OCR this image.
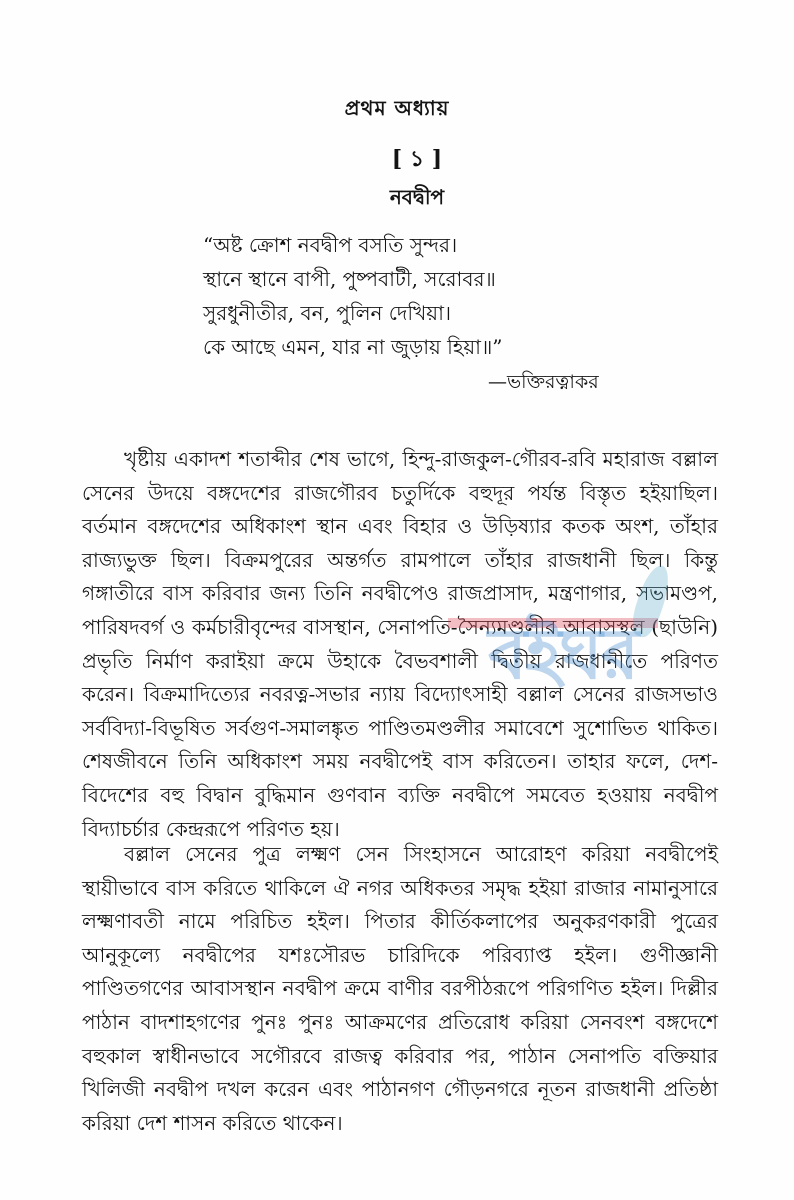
প্রথম অধ্যায়
[ ১ ]
নবদ্বীপ
“অষ্ট ক্রোশ নবদ্বীপ বসতি সুন্দর।
স্থানে স্থানে বাপী, পুষ্পবাটী, সরোবর॥
সুরধুনীতীর, বন, পুলিন দেখিয়া।
কে আছে এমন, যার না জুড়ায় হিয়া॥”
—ভক্তিরত্নাকর

খৃষ্টীয় একাদশ শতাব্দীর শেষ ভাগে, হিন্দু-রাজকুল-গৌরব-রবি মহারাজ বল্লাল সেনের উদয়ে বঙ্গদেশের রাজগৌরব চতুর্দিকে বহুদূর পর্যন্ত বিস্তৃত হইয়াছিল। বর্তমান বঙ্গদেশের অধিকাংশ স্থান এবং বিহার ও উড়িষ্যার কতক অংশ, তাঁহার রাজ্যভুক্ত ছিল। বিক্রমপুরের অন্তর্গত রামপালে তাঁহার রাজধানী ছিল। কিন্তু গঙ্গাতীরে বাস করিবার জন্য তিনি নবদ্বীপেও রাজপ্রাসাদ, মন্ত্রণাগার, সভামণ্ডপ, পারিষদবর্গ ও কর্মচারীবৃন্দের বাসস্থান, সেনাপতি-সৈন্যমণ্ডলীর আবাসস্থল (ছাউনি) প্রভৃতি নির্মাণ করাইয়া ক্রমে উহাকে বৈভবশালী দ্বিতীয় রাজধানীতে পরিণত করেন। বিক্রমাদিত্যের নবরত্ন-সভার ন্যায় বিদ্যোৎসাহী বল্লাল সেনের রাজসভাও সর্ববিদ্যা-বিভূষিত সর্বগুণ-সমালঙ্কৃত পাণ্ডিতমণ্ডলীর সমাবেশে সুশোভিত থাকিত। শেষজীবনে তিনি অধিকাংশ সময় নবদ্বীপেই বাস করিতেন। তাহার ফলে, দেশ-বিদেশের বহু বিদ্বান বুদ্ধিমান গুণবান ব্যক্তি নবদ্বীপে সমবেত হওয়ায় নবদ্বীপ বিদ্যাচর্চার কেন্দ্ররূপে পরিণত হয়।

বল্লাল সেনের পুত্র লক্ষ্মণ সেন সিংহাসনে আরোহণ করিয়া নবদ্বীপেই স্থায়ীভাবে বাস করিতে থাকিলে ঐ নগর অধিকতর সমৃদ্ধ হইয়া রাজার নামানুসারে লক্ষ্মণাবতী নামে পরিচিত হইল। পিতার কীর্তিকলাপের অনুকরণকারী পুত্রের আনুকূল্যে নবদ্বীপের যশঃসৌরভ চারিদিকে পরিব্যাপ্ত হইল। গুণীজ্ঞানী পাণ্ডিতগণের আবাসস্থান নবদ্বীপ ক্রমে বাণীর বরপীঠরূপে পরিগণিত হইল। দিল্লীর পাঠান বাদশাহগণের পুনঃ পুনঃ আক্রমণের প্রতিরোধ করিয়া সেনবংশ বঙ্গদেশে বহুকাল স্বাধীনভাবে সগৌরবে রাজত্ব করিবার পর, পাঠান সেনাপতি বক্তিয়ার খিলিজী নবদ্বীপ দখল করেন এবং পাঠানগণ গৌড়নগরে নূতন রাজধানী প্রতিষ্ঠা করিয়া দেশ শাসন করিতে থাকেন।

বইঘর
